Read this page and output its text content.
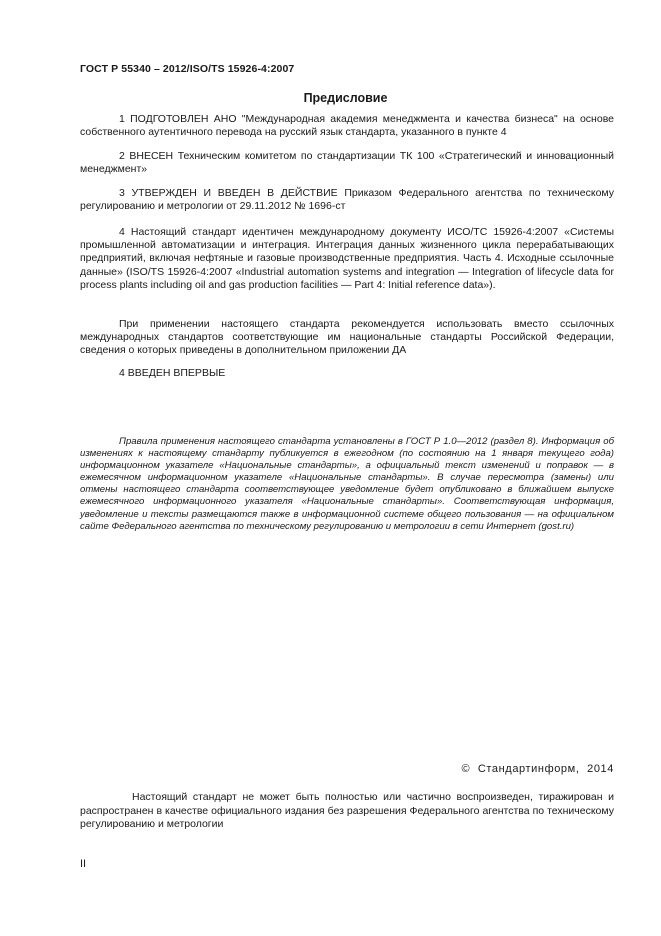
ГОСТ Р 55340 – 2012/ISO/TS 15926-4:2007
Предисловие

1 ПОДГОТОВЛЕН АНО "Международная академия менеджмента и качества бизнеса" на основе собственного аутентичного перевода на русский язык стандарта, указанного в пункте 4

2 ВНЕСЕН Техническим комитетом по стандартизации ТК 100 «Стратегический и инновационный менеджмент»

3 УТВЕРЖДЕН И ВВЕДЕН В ДЕЙСТВИЕ Приказом Федерального агентства по техническому регулированию и метрологии от 29.11.2012 № 1696-ст

4 Настоящий стандарт идентичен международному документу ИСО/ТС 15926-4:2007 «Системы промышленной автоматизации и интеграция. Интеграция данных жизненного цикла перерабатывающих предприятий, включая нефтяные и газовые производственные предприятия. Часть 4. Исходные ссылочные данные» (ISO/TS 15926-4:2007 «Industrial automation systems and integration — Integration of lifecycle data for process plants including oil and gas production facilities — Part 4: Initial reference data»).

При применении настоящего стандарта рекомендуется использовать вместо ссылочных международных стандартов соответствующие им национальные стандарты Российской Федерации, сведения о которых приведены в дополнительном приложении ДА

4 ВВЕДЕН ВПЕРВЫЕ

Правила применения настоящего стандарта установлены в ГОСТ Р 1.0—2012 (раздел 8). Информация об изменениях к настоящему стандарту публикуется в ежегодном (по состоянию на 1 января текущего года) информационном указателе «Национальные стандарты», а официальный текст изменений и поправок — в ежемесячном информационном указателе «Национальные стандарты». В случае пересмотра (замены) или отмены настоящего стандарта соответствующее уведомление будет опубликовано в ближайшем выпуске ежемесячного информационного указателя «Национальные стандарты». Соответствующая информация, уведомление и тексты размещаются также в информационной системе общего пользования — на официальном сайте Федерального агентства по техническому регулированию и метрологии в сети Интернет (gost.ru)

© Стандартинформ, 2014

Настоящий стандарт не может быть полностью или частично воспроизведен, тиражирован и распространен в качестве официального издания без разрешения Федерального агентства по техническому регулированию и метрологии

II
